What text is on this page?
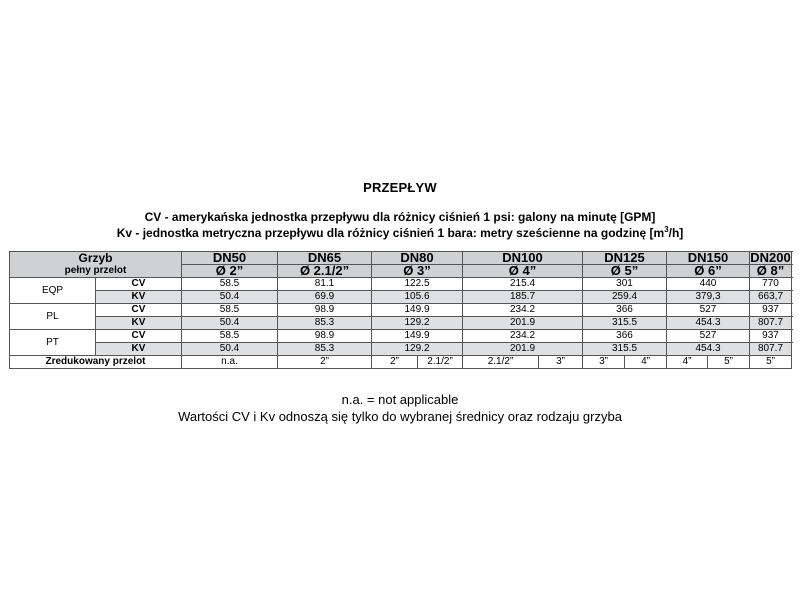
PRZEPŁYW
CV - amerykańska jednostka przepływu dla różnicy ciśnień 1 psi: galony na minutę [GPM]
Kv - jednostka metryczna przepływu dla różnicy ciśnień 1 bara: metry sześcienne na godzinę $[m^3/h]$
Grzyb		DN50	DN65	DN80		DN100		DN125		DN150		DN200	
pełny przelot		Ø 2”	Ø 2.1/2”	Ø 3”		Ø 4”		Ø 5”		Ø 6”		Ø 8”	
EQP	CV	58.5	81.1	122.5		215.4		301		440		770	
	KV	50.4	69.9	105.6		185.7		259.4		379,3		663,7	
PL	CV	58.5	98.9	149.9		234.2		366		527		937	
	KV	50.4	85.3	129.2		201.9		315.5		454.3		807.7	
PT	CV	58.5	98.9	149.9		234.2		366		527		937	
	KV	50.4	85.3	129.2		201.9		315.5		454.3		807.7	
Zredukowany przelot		n.a.	2”	2”	2.1/2”	2.1/2”	3”	3”	4”	4”	5”	5”	
n.a. = not applicable
Wartości CV i Kv odnoszą się tylko do wybranej średnicy oraz rodzaju grzyba
